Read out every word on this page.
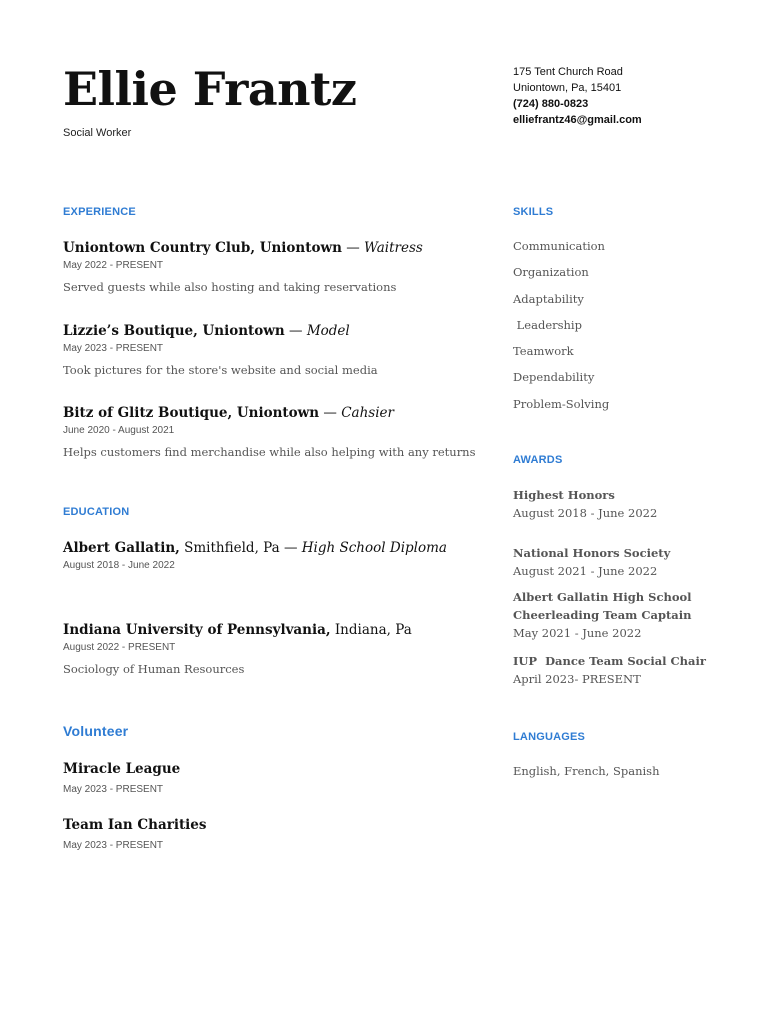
Ellie Frantz
Social Worker
175 Tent Church Road
Uniontown, Pa, 15401
(724) 880-0823
elliefrantz46@gmail.com
EXPERIENCE
Uniontown Country Club, Uniontown — Waitress
May 2022 - PRESENT
Served guests while also hosting and taking reservations
Lizzie’s Boutique, Uniontown — Model
May 2023 - PRESENT
Took pictures for the store's website and social media
Bitz of Glitz Boutique, Uniontown — Cahsier
June 2020 - August 2021
Helps customers find merchandise while also helping with any returns
EDUCATION
Albert Gallatin, Smithfield, Pa — High School Diploma
August 2018 - June 2022
Indiana University of Pennsylvania, Indiana, Pa
August 2022 - PRESENT
Sociology of Human Resources
Volunteer
Miracle League
May 2023 - PRESENT
Team Ian Charities
May 2023 - PRESENT
SKILLS
Communication
Organization
Adaptability
Leadership
Teamwork
Dependability
Problem-Solving
AWARDS
Highest Honors
August 2018 - June 2022
National Honors Society
August 2021 - June 2022
Albert Gallatin High School Cheerleading Team Captain
May 2021 - June 2022
IUP  Dance Team Social Chair
April 2023- PRESENT
LANGUAGES
English, French, Spanish
